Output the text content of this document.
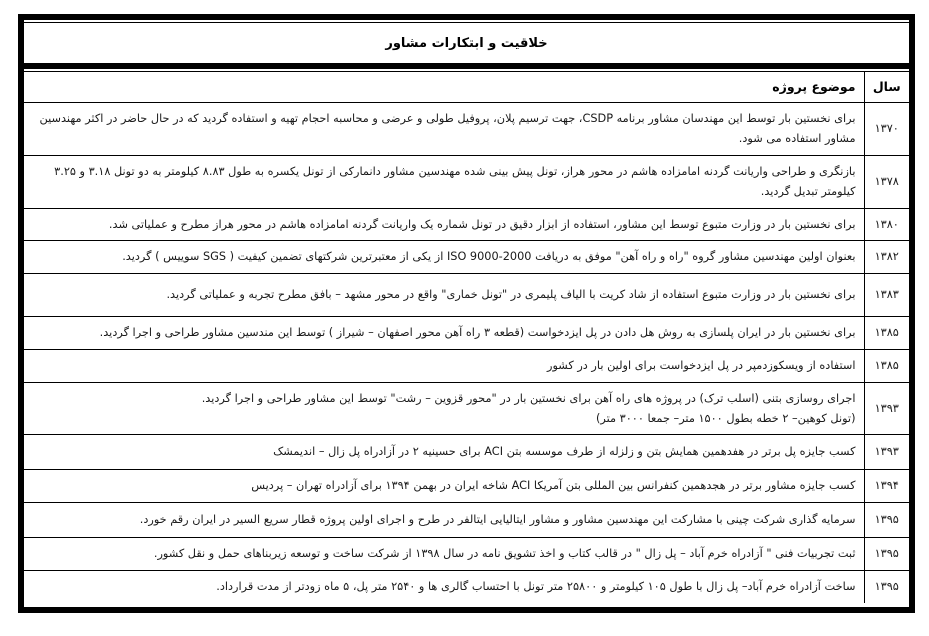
خلاقیت و ابتکارات مشاور
سال	موضوع پروژه
۱۳۷۰	برای نخستین بار توسط این مهندسان مشاور برنامه CSDP، جهت ترسیم پلان، پروفیل طولی و عرضی و محاسبه احجام تهیه و استفاده گردید که در حال حاضر در اکثر مهندسین مشاور استفاده می شود.
۱۳۷۸	بازنگری و طراحی واریانت گردنه امامزاده هاشم در محور هراز، تونل پیش بینی شده مهندسین مشاور دانمارکی از تونل یکسره به طول ۸.۸۳ کیلومتر به دو تونل ۳.۱۸ و ۳.۲۵ کیلومتر تبدیل گردید.
۱۳۸۰	برای نخستین بار در وزارت متبوع توسط این مشاور، استفاده از ابزار دقیق در تونل شماره یک واریانت گردنه امامزاده هاشم در محور هراز مطرح و عملیاتی شد.
۱۳۸۲	بعنوان اولین مهندسین مشاور گروه "راه و راه آهن" موفق به دریافت ISO 9000-2000 از یکی از معتبرترین شرکتهای تضمین کیفیت ( SGS سوییس ) گردید.
۱۳۸۳	برای نخستین بار در وزارت متبوع استفاده از شاد کریت با الیاف پلیمری در "تونل خماری" واقع در محور مشهد – بافق مطرح تجربه و عملیاتی گردید.
۱۳۸۵	برای نخستین بار در ایران پلسازی به روش هل دادن در پل ایزدخواست (قطعه ۳ راه آهن محور اصفهان – شیراز ) توسط این مندسین مشاور طراحی و اجرا گردید.
۱۳۸۵	استفاده از ویسکوزدمپر در پل ایزدخواست برای اولین بار در کشور
۱۳۹۳	اجرای روسازی بتنی (اسلب ترک) در پروژه های راه آهن برای نخستین بار در "محور قزوین – رشت" توسط این مشاور طراحی و اجرا گردید.
(تونل کوهین– ۲ خطه بطول ۱۵۰۰ متر– جمعا ۳۰۰۰ متر)

۱۳۹۳	کسب جایزه پل برتر در هفدهمین همایش بتن و زلزله از طرف موسسه بتن ACI برای حسینیه ۲ در آزادراه پل زال – اندیمشک
۱۳۹۴	کسب جایزه مشاور برتر در هجدهمین کنفرانس بین المللی بتن آمریکا ACI شاخه ایران در بهمن ۱۳۹۴ برای آزادراه تهران – پردیس
۱۳۹۵	سرمایه گذاری شرکت چینی با مشارکت این مهندسین مشاور و مشاور ایتالیایی ایتالفر در طرح و اجرای اولین پروژه قطار سریع السیر در ایران رقم خورد.
۱۳۹۵	ثبت تجربیات فنی " آزادراه خرم آباد – پل زال " در قالب کتاب و اخذ تشویق نامه در سال ۱۳۹۸ از شرکت ساخت و توسعه زیربناهای حمل و نقل کشور.
۱۳۹۵	ساخت آزادراه خرم آباد– پل زال با طول ۱۰۵ کیلومتر و ۲۵۸۰۰ متر تونل با احتساب گالری ها و ۲۵۴۰ متر پل، ۵ ماه زودتر از مدت قرارداد.
